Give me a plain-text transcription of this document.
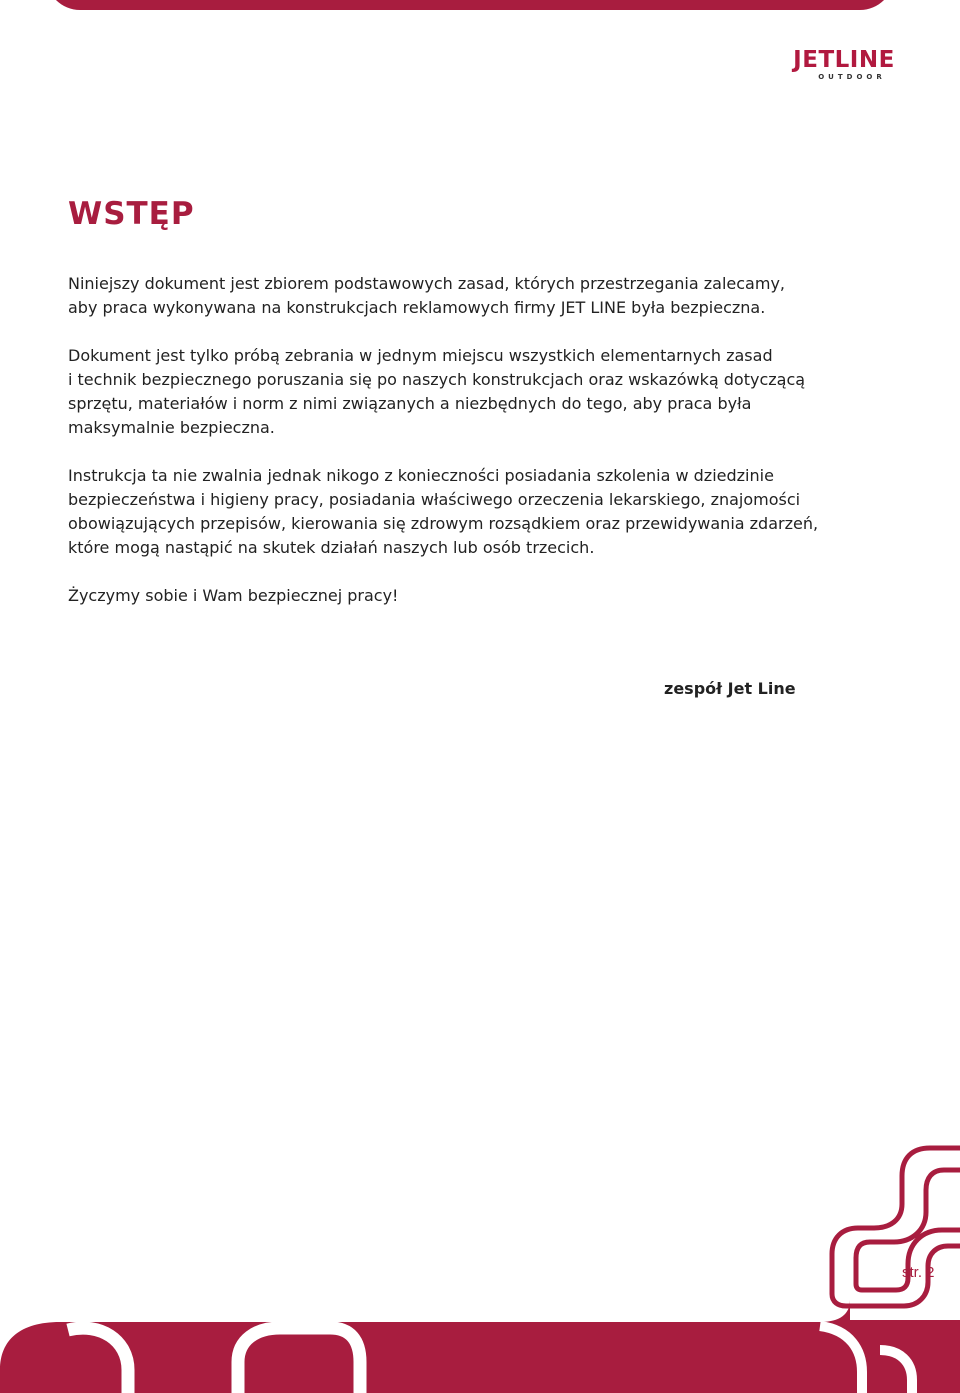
JETLINE
OUTDOOR
WSTĘP

Niniejszy dokument jest zbiorem podstawowych zasad, których przestrzegania zalecamy,
aby praca wykonywana na konstrukcjach reklamowych firmy JET LINE była bezpieczna.

Dokument jest tylko próbą zebrania w jednym miejscu wszystkich elementarnych zasad
i technik bezpiecznego poruszania się po naszych konstrukcjach oraz wskazówką dotyczącą
sprzętu, materiałów i norm z nimi związanych a niezbędnych do tego, aby praca była
maksymalnie bezpieczna.

Instrukcja ta nie zwalnia jednak nikogo z konieczności posiadania szkolenia w dziedzinie
bezpieczeństwa i higieny pracy, posiadania właściwego orzeczenia lekarskiego, znajomości
obowiązujących przepisów, kierowania się zdrowym rozsądkiem oraz przewidywania zdarzeń,
które mogą nastąpić na skutek działań naszych lub osób trzecich.

Życzymy sobie i Wam bezpiecznej pracy!

zespół Jet Line
str. 2
